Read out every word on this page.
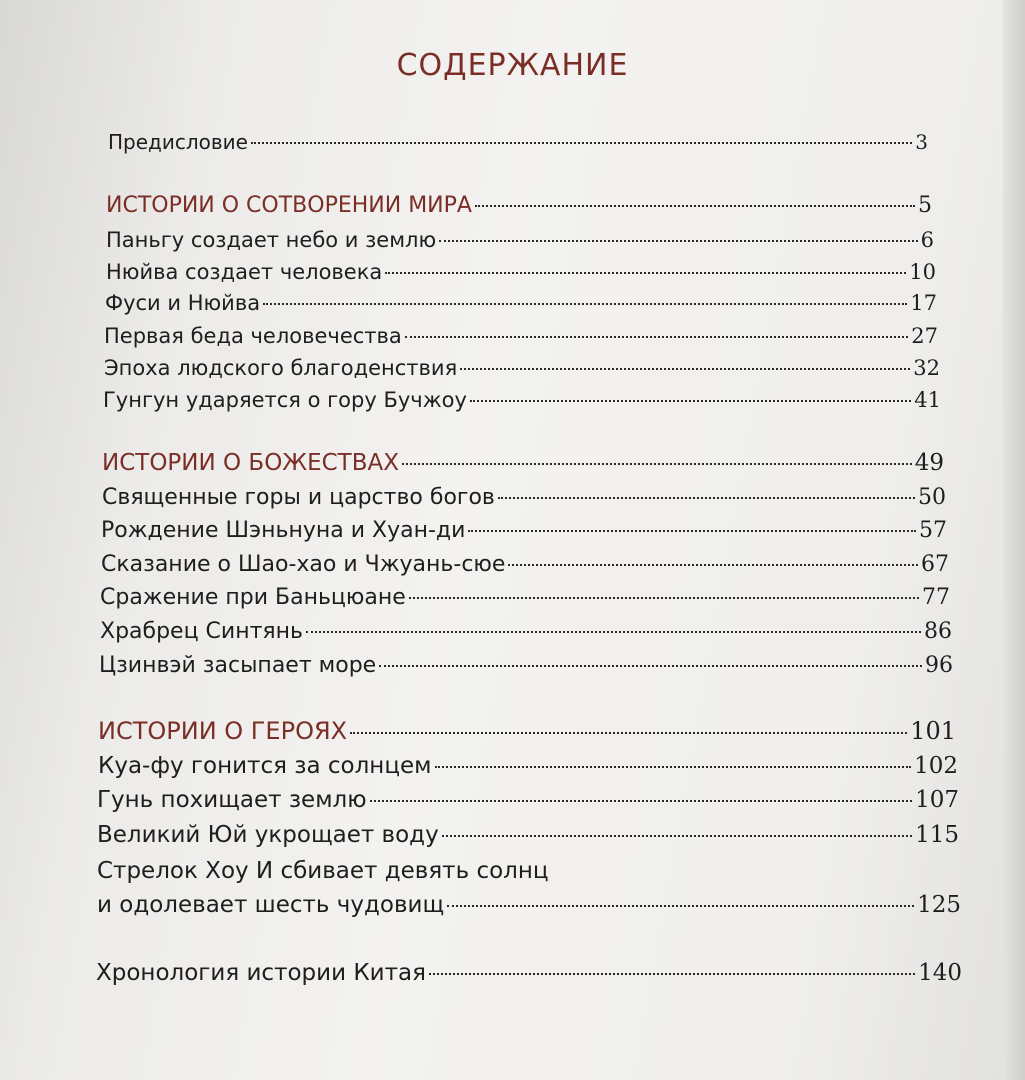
СОДЕРЖАНИЕ
Предисловие	3
ИСТОРИИ О СОТВОРЕНИИ МИРА	5
Паньгу создает небо и землю	6
Нюйва создает человека	10
Фуси и Нюйва	17
Первая беда человечества	27
Эпоха людского благоденствия	32
Гунгун ударяется о гору Бучжоу	41
ИСТОРИИ О БОЖЕСТВАХ	49
Священные горы и царство богов	50
Рождение Шэньнуна и Хуан-ди	57
Сказание о Шао-хао и Чжуань-сюе	67
Сражение при Баньцюане	77
Храбрец Синтянь	86
Цзинвэй засыпает море	96
ИСТОРИИ О ГЕРОЯХ	101
Куа-фу гонится за солнцем	102
Гунь похищает землю	107
Великий Юй укрощает воду	115
Стрелок Хоу И сбивает девять солнц
и одолевает шесть чудовищ	125
Хронология истории Китая	140
